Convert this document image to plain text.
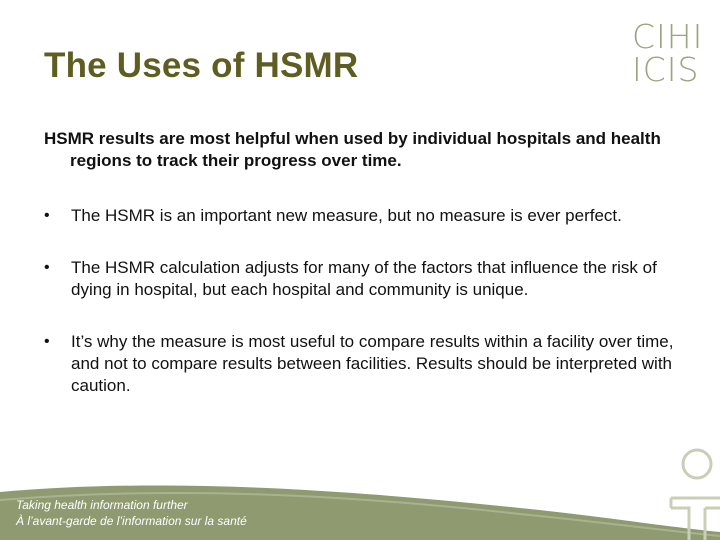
The Uses of HSMR
CIHI
ICIS
HSMR results are most helpful when used by individual hospitals and health regions to track their progress over time.
• The HSMR is an important new measure, but no measure is ever perfect.
• The HSMR calculation adjusts for many of the factors that influence the risk of dying in hospital, but each hospital and community is unique.
• It’s why the measure is most useful to compare results within a facility over time, and not to compare results between facilities. Results should be interpreted with caution.
Taking health information further
À l’avant-garde de l’information sur la santé
